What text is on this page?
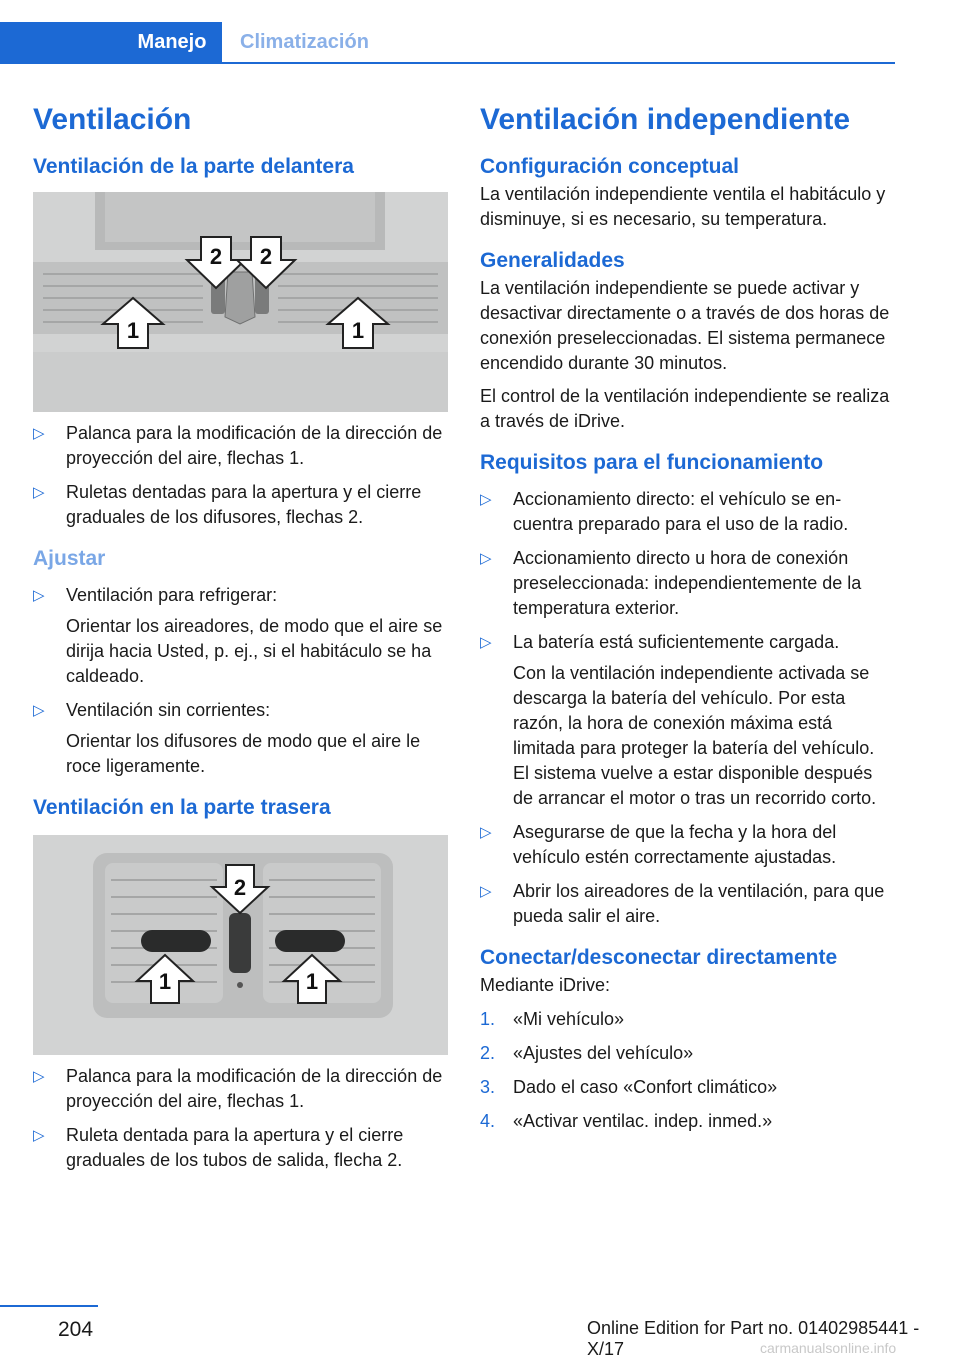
Manejo	Climatización
Ventilación
Ventilación de la parte delantera
2 2
1	1
▷ Palanca para la modificación de la dirección de proyección del aire, flechas 1.
▷ Ruletas dentadas para la apertura y el cierre graduales de los difusores, flechas 2.
Ajustar
▷ Ventilación para refrigerar:
Orientar los aireadores, de modo que el aire se dirija hacia Usted, p. ej., si el habitáculo se ha caldeado.
▷ Ventilación sin corrientes:
Orientar los difusores de modo que el aire le roce ligeramente.
Ventilación en la parte trasera
2
1	1
▷ Palanca para la modificación de la dirección de proyección del aire, flechas 1.
▷ Ruleta dentada para la apertura y el cierre graduales de los tubos de salida, flecha 2.
Ventilación independiente
Configuración conceptual

La ventilación independiente ventila el habitáculo y disminuye, si es necesario, su temperatura.

Generalidades

La ventilación independiente se puede activar y desactivar directamente o a través de dos horas de conexión preseleccionadas. El sistema permanece encendido durante 30 minutos.

El control de la ventilación independiente se realiza a través de iDrive.

Requisitos para el funcionamiento
▷ Accionamiento directo: el vehículo se encuentra preparado para el uso de la radio.
▷ Accionamiento directo u hora de conexión preseleccionada: independientemente de la temperatura exterior.
▷ La batería está suficientemente cargada.
Con la ventilación independiente activada se descarga la batería del vehículo. Por esta razón, la hora de conexión máxima está limitada para proteger la batería del vehículo. El sistema vuelve a estar disponible después de arrancar el motor o tras un recorrido corto.
▷ Asegurarse de que la fecha y la hora del vehículo estén correctamente ajustadas.
▷ Abrir los aireadores de la ventilación, para que pueda salir el aire.
Conectar/desconectar directamente

Mediante iDrive:

1. «Mi vehículo»
2. «Ajustes del vehículo»
3. Dado el caso «Confort climático»
4. «Activar ventilac. indep. inmed.»
204	Online Edition for Part no. 01402985441 - X/17	carmanualsonline.info
